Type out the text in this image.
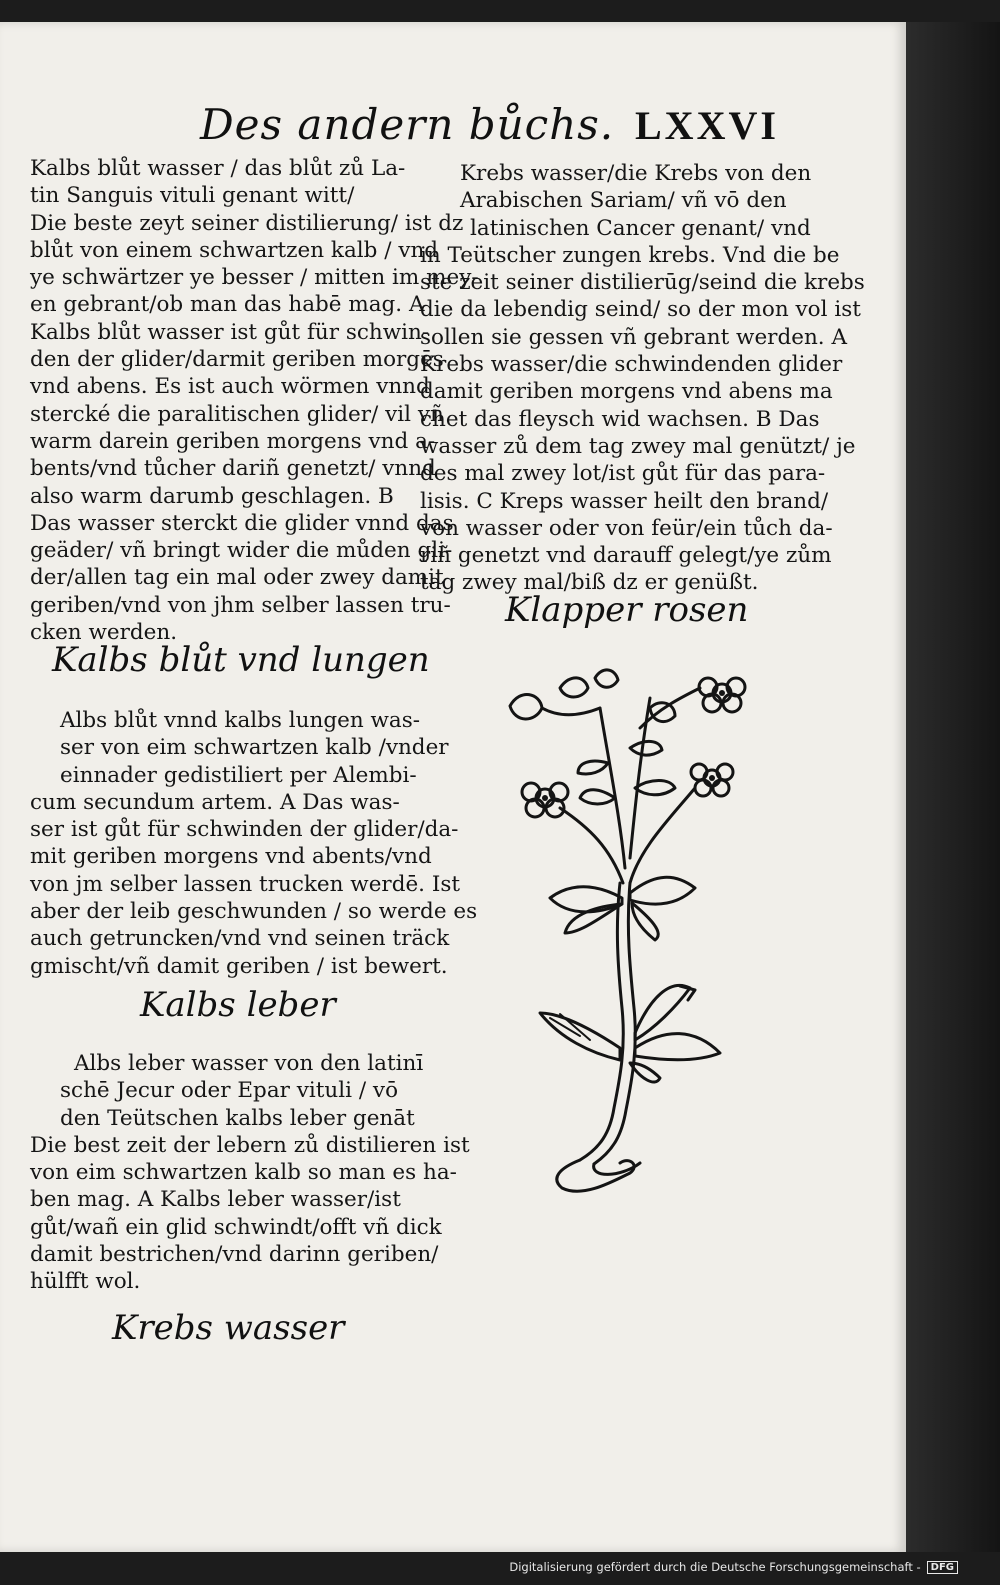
Des andern bůchs. LXXVI

Kalbs blůt wasser / das blůt zů La-
tin Sanguis vituli genant witt/
Die beste zeyt seiner distilierung/ ist dz
blůt von einem schwartzen kalb / vnd
ye schwärtzer ye besser / mitten im mey-
en gebrant/ob man das habē mag. A
Kalbs blůt wasser ist gůt für schwin-
den der glider/darmit geriben morgēs
vnd abens. Es ist auch wörmen vnnd
stercké die paralitischen glider/ vil vñ
warm darein geriben morgens vnd a-
bents/vnd tůcher dariñ genetzt/ vnnd
also warm darumb geschlagen. B
Das wasser sterckt die glider vnnd das
geäder/ vñ bringt wider die můden gli-
der/allen tag ein mal oder zwey damit
geriben/vnd von jhm selber lassen tru-
cken werden.

Kalbs blůt vnd lungen

Albs blůt vnnd kalbs lungen was-
ser von eim schwartzen kalb /vnder
einnader gedistiliert per Alembi-
cum secundum artem. A Das was-
ser ist gůt für schwinden der glider/da-
mit geriben morgens vnd abents/vnd
von jm selber lassen trucken werdē. Ist
aber der leib geschwunden / so werde es
auch getruncken/vnd vnd seinen träck
gmischt/vñ damit geriben / ist bewert.

Kalbs leber

Albs leber wasser von den latinī
schē Jecur oder Epar vituli / vō
den Teütschen kalbs leber genāt
Die best zeit der lebern zů distilieren ist
von eim schwartzen kalb so man es ha-
ben mag. A Kalbs leber wasser/ist
gůt/wañ ein glid schwindt/offt vñ dick
damit bestrichen/vnd darinn geriben/
hülfft wol.

Krebs wasser

Krebs wasser/die Krebs von den
Arabischen Sariam/ vñ vō den
latinischen Cancer genant/ vnd
in Teütscher zungen krebs. Vnd die be
ste zeit seiner distilierūg/seind die krebs
die da lebendig seind/ so der mon vol ist
sollen sie gessen vñ gebrant werden. A
Krebs wasser/die schwindenden glider
damit geriben morgens vnd abens ma
chet das fleysch wid wachsen. B Das
wasser zů dem tag zwey mal genützt/ je
des mal zwey lot/ist gůt für das para-
lisis. C Kreps wasser heilt den brand/
von wasser oder von feür/ein tůch da-
riñ genetzt vnd darauff gelegt/ye zům
tag zwey mal/biß dz er genüßt.

Klapper rosen
Digitalisierung gefördert durch die Deutsche Forschungsgemeinschaft - DFG
